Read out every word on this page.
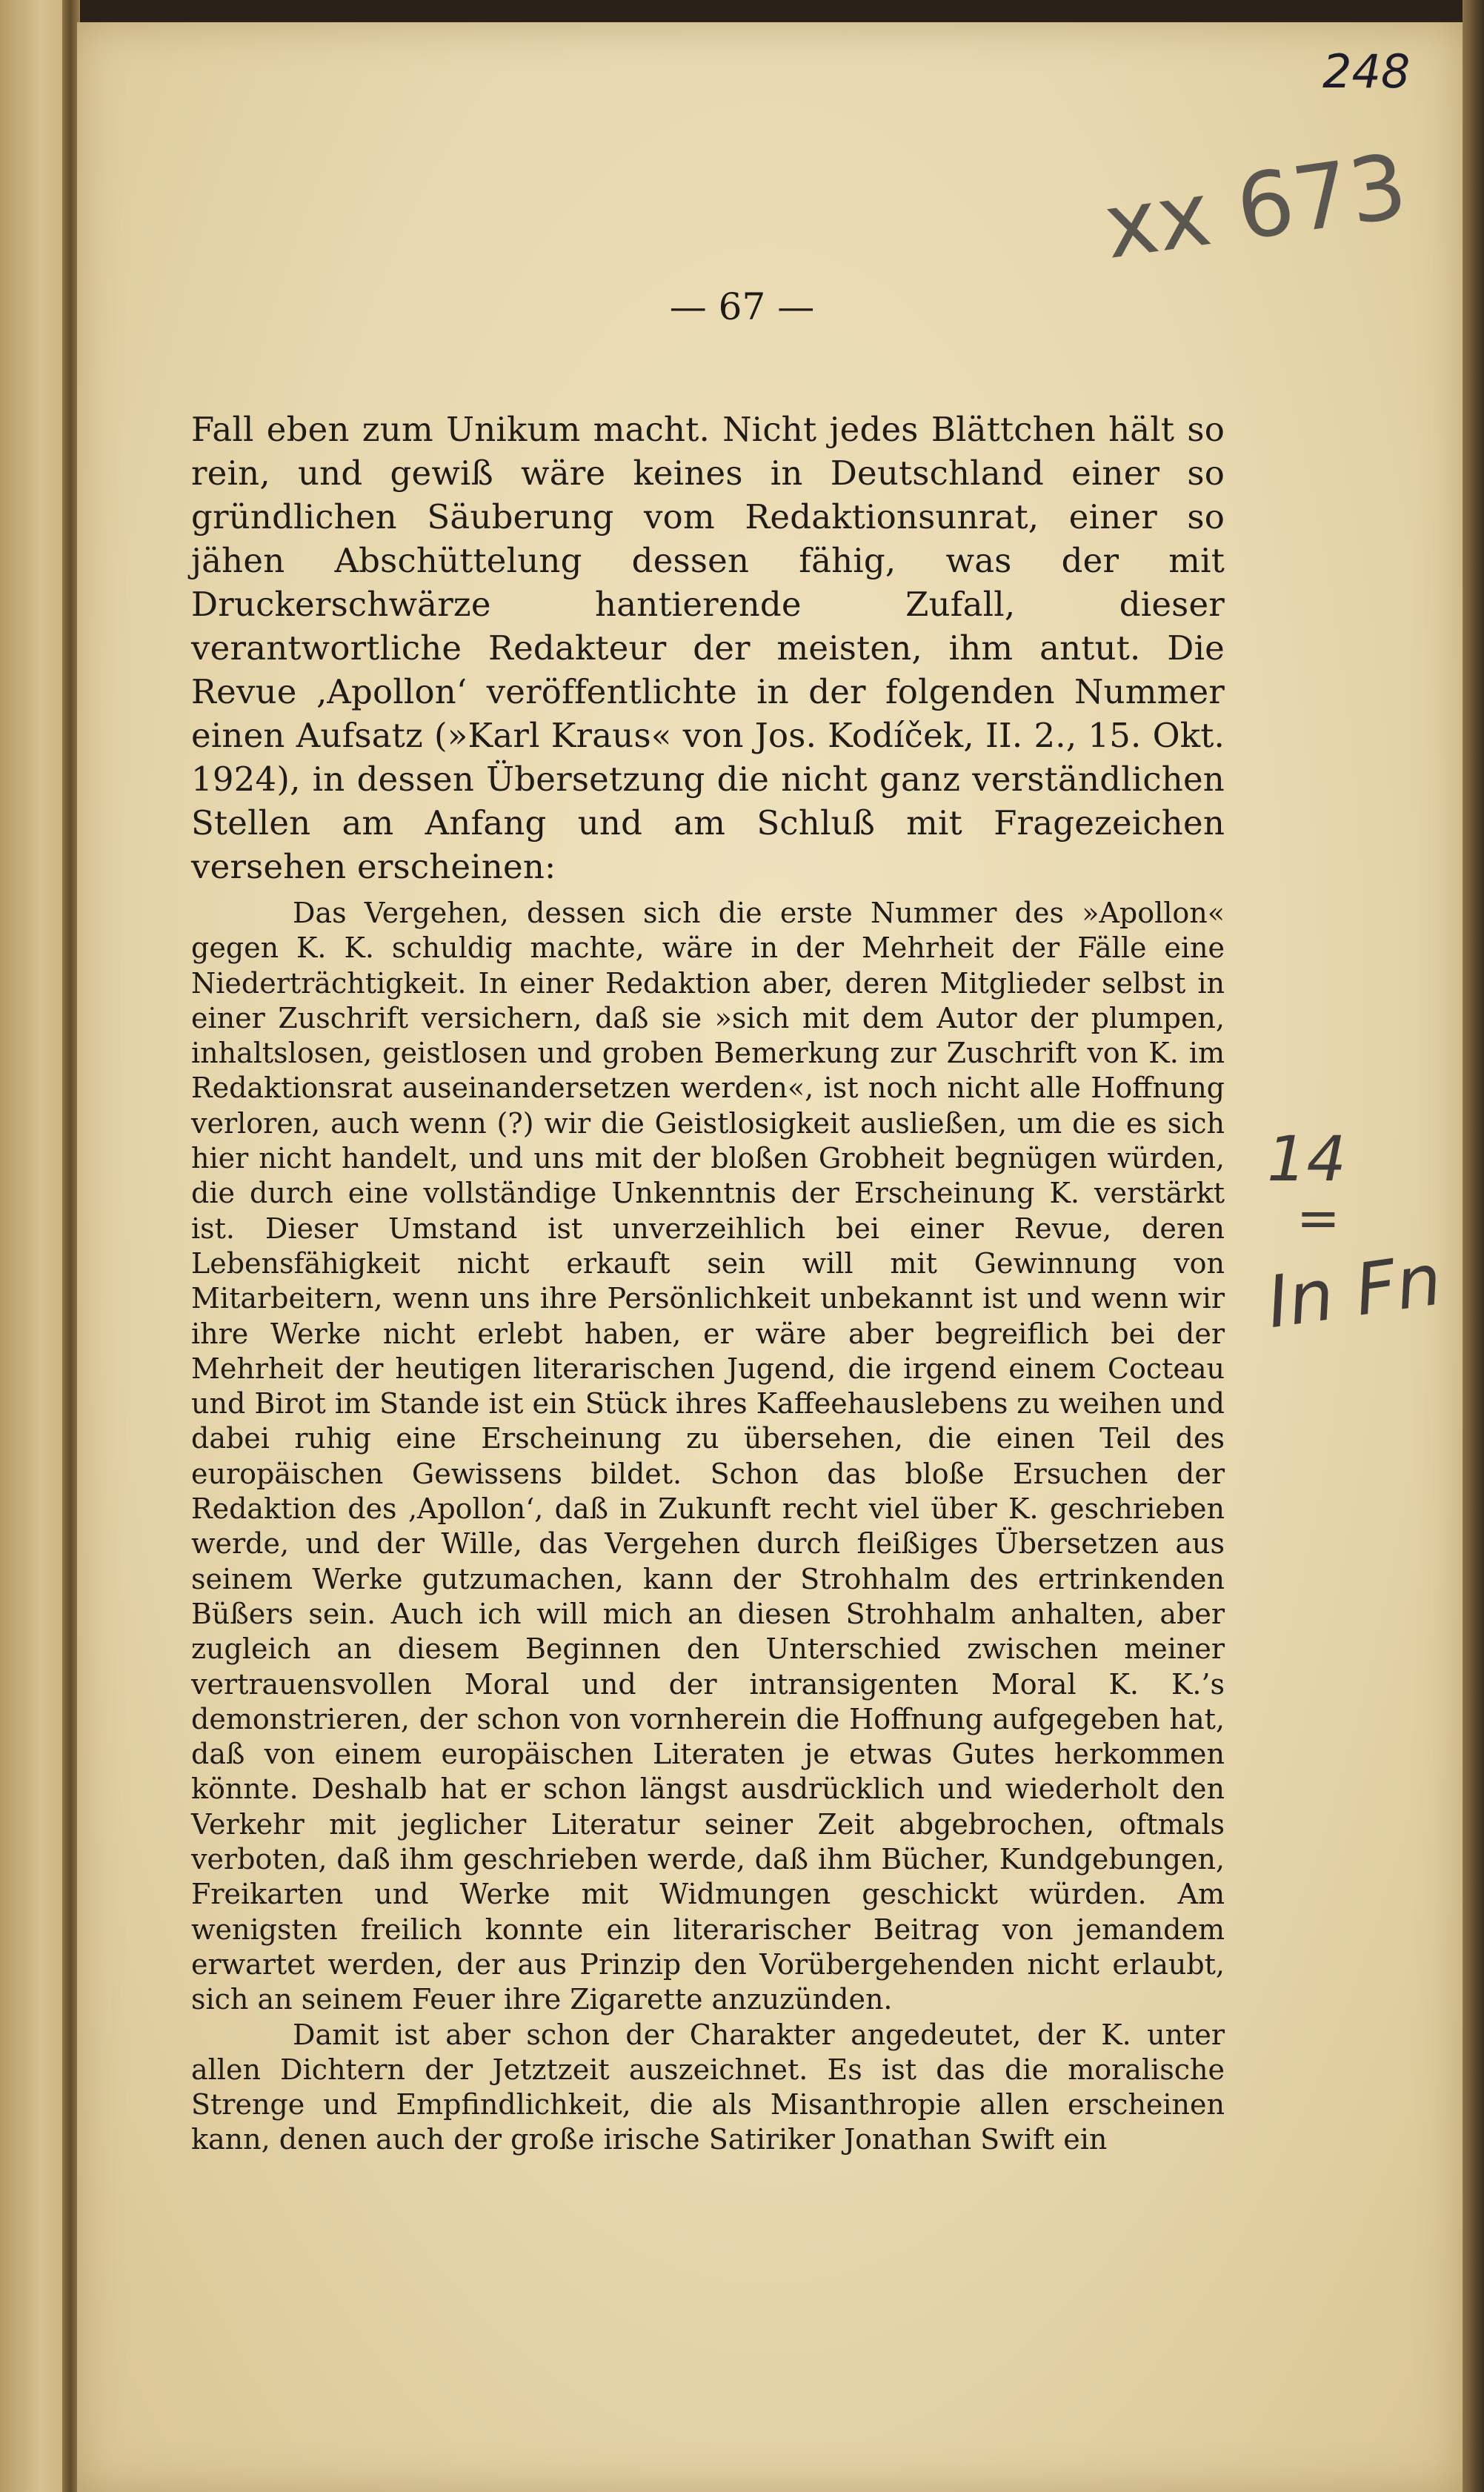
248
xx 673
14
=
In Fn
— 67 —

Fall eben zum Unikum macht. Nicht jedes Blättchen hält so rein, und gewiß wäre keines in Deutschland einer so gründlichen Säuberung vom Redaktionsunrat, einer so jähen Abschüttelung dessen fähig, was der mit Druckerschwärze hantierende Zufall, dieser verantwortliche Redakteur der meisten, ihm antut. Die Revue ‚Apollon‘ veröffentlichte in der folgenden Nummer einen Aufsatz (»Karl Kraus« von Jos. Kodíček, II. 2., 15. Okt. 1924), in dessen Übersetzung die nicht ganz verständlichen Stellen am Anfang und am Schluß mit Fragezeichen versehen erscheinen:

Das Vergehen, dessen sich die erste Nummer des »Apollon« gegen K. K. schuldig machte, wäre in der Mehrheit der Fälle eine Niederträchtigkeit. In einer Redaktion aber, deren Mitglieder selbst in einer Zuschrift versichern, daß sie »sich mit dem Autor der plumpen, inhaltslosen, geistlosen und groben Bemerkung zur Zuschrift von K. im Redaktionsrat auseinandersetzen werden«, ist noch nicht alle Hoffnung verloren, auch wenn (?) wir die Geistlosigkeit ausließen, um die es sich hier nicht handelt, und uns mit der bloßen Grobheit begnügen würden, die durch eine vollständige Unkenntnis der Erscheinung K. verstärkt ist. Dieser Umstand ist unverzeihlich bei einer Revue, deren Lebensfähigkeit nicht erkauft sein will mit Gewinnung von Mitarbeitern, wenn uns ihre Persönlichkeit unbekannt ist und wenn wir ihre Werke nicht erlebt haben, er wäre aber begreiflich bei der Mehrheit der heutigen literarischen Jugend, die irgend einem Cocteau und Birot im Stande ist ein Stück ihres Kaffeehauslebens zu weihen und dabei ruhig eine Erscheinung zu übersehen, die einen Teil des europäischen Gewissens bildet. Schon das bloße Ersuchen der Redaktion des ‚Apollon‘, daß in Zukunft recht viel über K. geschrieben werde, und der Wille, das Vergehen durch fleißiges Übersetzen aus seinem Werke gutzumachen, kann der Strohhalm des ertrinkenden Büßers sein. Auch ich will mich an diesen Strohhalm anhalten, aber zugleich an diesem Beginnen den Unterschied zwischen meiner vertrauensvollen Moral und der intransigenten Moral K. K.’s demonstrieren, der schon von vornherein die Hoffnung aufgegeben hat, daß von einem europäischen Literaten je etwas Gutes herkommen könnte. Deshalb hat er schon längst ausdrücklich und wiederholt den Verkehr mit jeglicher Literatur seiner Zeit abgebrochen, oftmals verboten, daß ihm geschrieben werde, daß ihm Bücher, Kundgebungen, Freikarten und Werke mit Widmungen geschickt würden. Am wenigsten freilich konnte ein literarischer Beitrag von jemandem erwartet werden, der aus Prinzip den Vorübergehenden nicht erlaubt, sich an seinem Feuer ihre Zigarette anzuzünden.

Damit ist aber schon der Charakter angedeutet, der K. unter allen Dichtern der Jetztzeit auszeichnet. Es ist das die moralische Strenge und Empfindlichkeit, die als Misanthropie allen erscheinen kann, denen auch der große irische Satiriker Jonathan Swift ein
